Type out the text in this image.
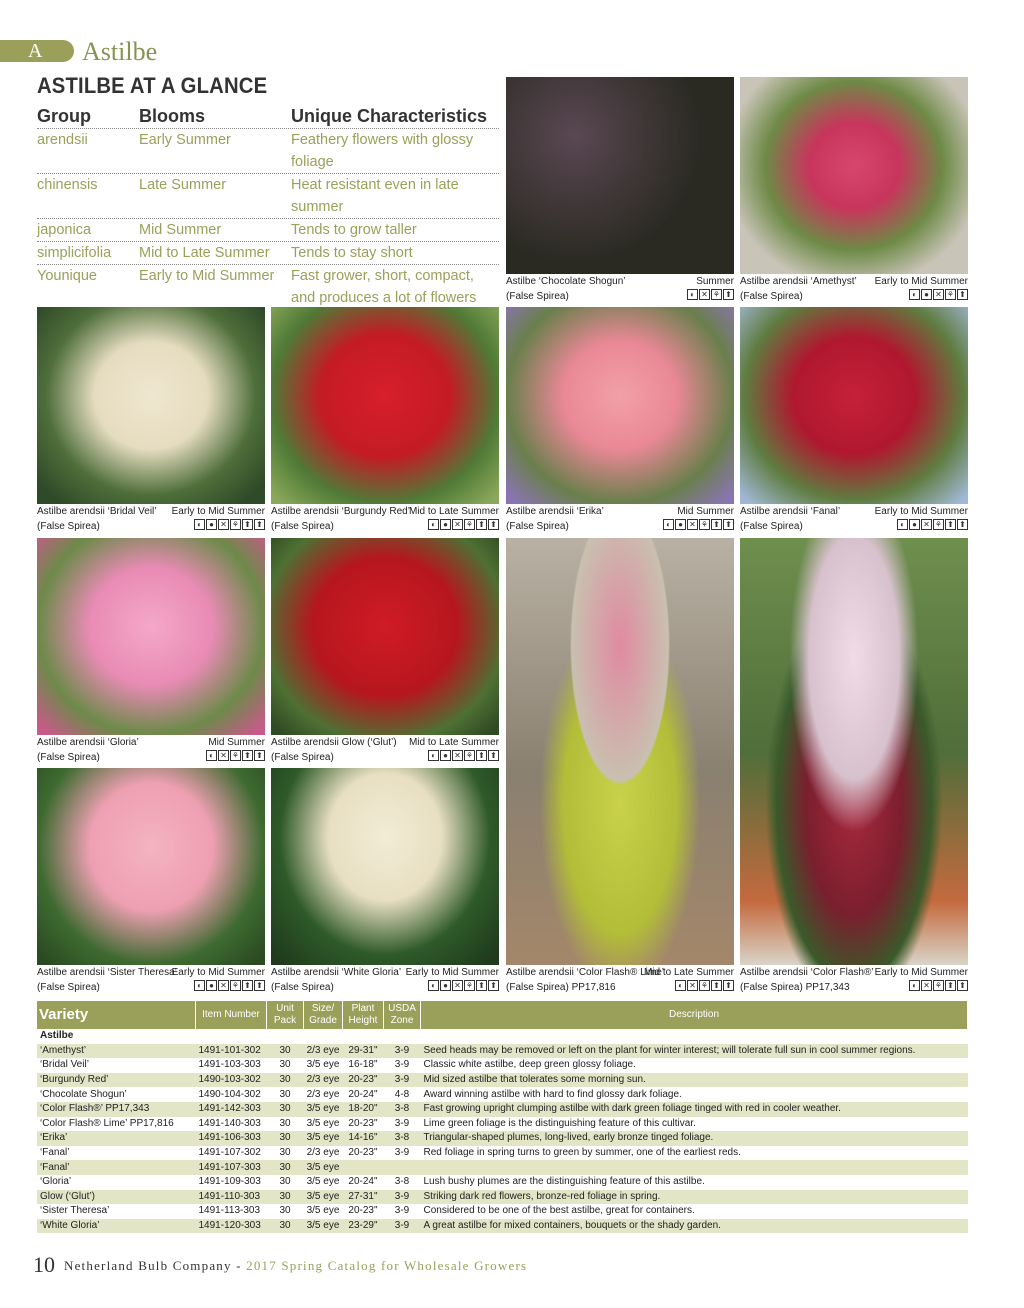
A Astilbe
ASTILBE AT A GLANCE
Group	Blooms	Unique Characteristics
arendsii	Early Summer	Feathery flowers with glossy foliage
chinensis	Late Summer	Heat resistant even in late summer
japonica	Mid Summer	Tends to grow taller
simplicifolia	Mid to Late Summer	Tends to stay short
Younique	Early to Mid Summer	Fast grower, short, compact, and produces a lot of flowers
Astilbe ‘Chocolate Shogun’	Summer
(False Spirea)	◐ ✕ ⚘ ⬆
Astilbe arendsii ‘Amethyst’ Early to Mid Summer
(False Spirea)	◐ ● ✕ ⚘ ⬆
Astilbe arendsii ‘Bridal Veil’ Early to Mid Summer
(False Spirea)	◐ ● ✕ ⚘ ⬆ ⬆
Astilbe arendsii ‘Burgundy Red’
Mid to Late Summer
(False Spirea)	◐ ● ✕ ⚘ ⬆ ⬆
Astilbe arendsii ‘Erika’	Mid Summer
(False Spirea)	◐ ● ✕ ⚘ ⬆ ⬆
Astilbe arendsii ‘Fanal’	Early to Mid Summer
(False Spirea)	◐ ● ✕ ⚘ ⬆ ⬆
Astilbe arendsii ‘Gloria’	Mid Summer
(False Spirea)	◐ ✕ ⚘ ⬆ ⬆
Astilbe arendsii Glow (‘Glut’) Mid to Late Summer
(False Spirea)	◐ ● ✕ ⚘ ⬆ ⬆
Astilbe arendsii ‘Sister Theresa’
Early to Mid Summer
(False Spirea)	◐ ● ✕ ⚘ ⬆ ⬆
Astilbe arendsii ‘White Gloria’ Early to Mid Summer
(False Spirea)	◐ ● ✕ ⚘ ⬆ ⬆
Astilbe arendsii ‘Color Flash® Lime’
Mid to Late Summer
(False Spirea) PP17,816	◐ ✕ ⚘ ⬆ ⬆
Astilbe arendsii ‘Color Flash®’ Early to Mid Summer
(False Spirea) PP17,343	◐ ✕ ⚘ ⬆ ⬆
Variety	Item Number	Unit Pack	Size/ Grade	Plant Height	USDA Zone	Description
Astilbe						
‘Amethyst’	1491-101-302	30	2/3 eye	29-31"	3-9	Seed heads may be removed or left on the plant for winter interest; will tolerate full sun in cool summer regions.
‘Bridal Veil’	1491-103-303	30	3/5 eye	16-18"	3-9	Classic white astilbe, deep green glossy foliage.
‘Burgundy Red’	1490-103-302	30	2/3 eye	20-23"	3-9	Mid sized astilbe that tolerates some morning sun.
‘Chocolate Shogun’	1490-104-302	30	2/3 eye	20-24"	4-8	Award winning astilbe with hard to find glossy dark foliage.
‘Color Flash®’ PP17,343	1491-142-303	30	3/5 eye	18-20"	3-8	Fast growing upright clumping astilbe with dark green foliage tinged with red in cooler weather.
‘Color Flash® Lime’ PP17,816	1491-140-303	30	3/5 eye	20-23"	3-9	Lime green foliage is the distinguishing feature of this cultivar.
‘Erika’	1491-106-303	30	3/5 eye	14-16"	3-8	Triangular-shaped plumes, long-lived, early bronze tinged foliage.
‘Fanal’	1491-107-302	30	2/3 eye	20-23"	3-9	Red foliage in spring turns to green by summer, one of the earliest reds.
‘Fanal’	1491-107-303	30	3/5 eye			
‘Gloria’	1491-109-303	30	3/5 eye	20-24"	3-8	Lush bushy plumes are the distinguishing feature of this astilbe.
Glow (‘Glut’)	1491-110-303	30	3/5 eye	27-31"	3-9	Striking dark red flowers, bronze-red foliage in spring.
‘Sister Theresa’	1491-113-303	30	3/5 eye	20-23"	3-9	Considered to be one of the best astilbe, great for containers.
‘White Gloria’	1491-120-303	30	3/5 eye	23-29"	3-9	A great astilbe for mixed containers, bouquets or the shady garden.
10 Netherland Bulb Company - 2017 Spring Catalog for Wholesale Growers
